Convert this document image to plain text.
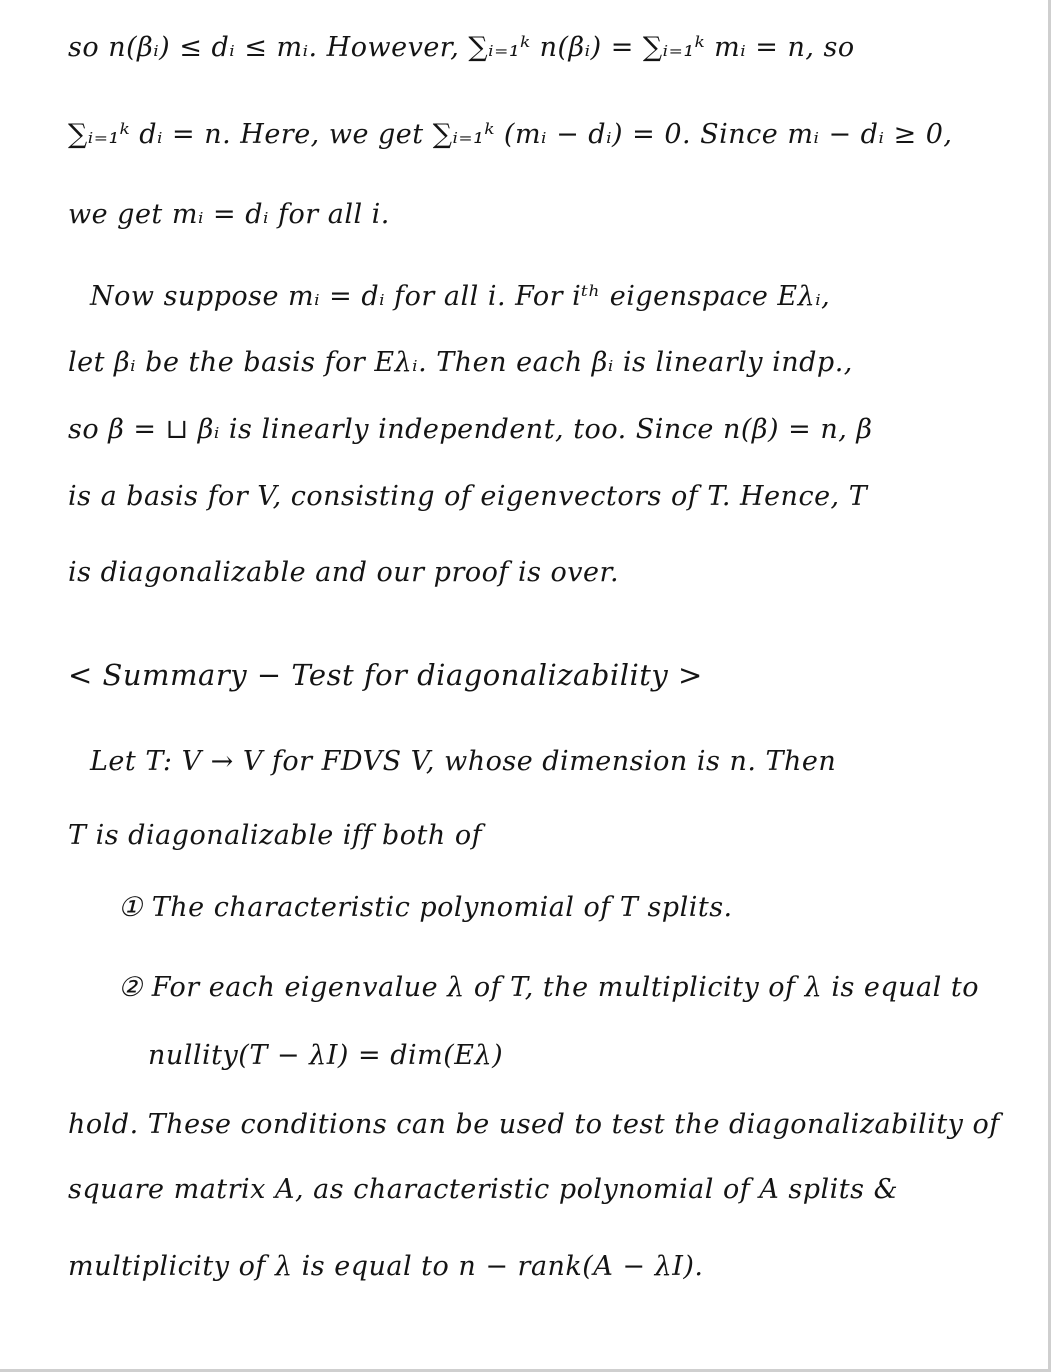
so n(βᵢ) ≤ dᵢ ≤ mᵢ. However, ∑ᵢ₌₁ᵏ n(βᵢ) = ∑ᵢ₌₁ᵏ mᵢ = n, so
∑ᵢ₌₁ᵏ dᵢ = n. Here, we get ∑ᵢ₌₁ᵏ (mᵢ − dᵢ) = 0. Since mᵢ − dᵢ ≥ 0,
we get mᵢ = dᵢ for all i.
Now suppose mᵢ = dᵢ for all i. For iᵗʰ eigenspace Eλᵢ,
let βᵢ be the basis for Eλᵢ. Then each βᵢ is linearly indp.,
so β = ⊔ βᵢ is linearly independent, too. Since n(β) = n, β
is a basis for V, consisting of eigenvectors of T. Hence, T
is diagonalizable and our proof is over.
< Summary − Test for diagonalizability >
Let T: V → V for FDVS V, whose dimension is n. Then
T is diagonalizable iff both of
① The characteristic polynomial of T splits.
② For each eigenvalue λ of T, the multiplicity of λ is equal to
nullity(T − λI) = dim(Eλ)
hold. These conditions can be used to test the diagonalizability of
square matrix A, as characteristic polynomial of A splits &
multiplicity of λ is equal to n − rank(A − λI).
